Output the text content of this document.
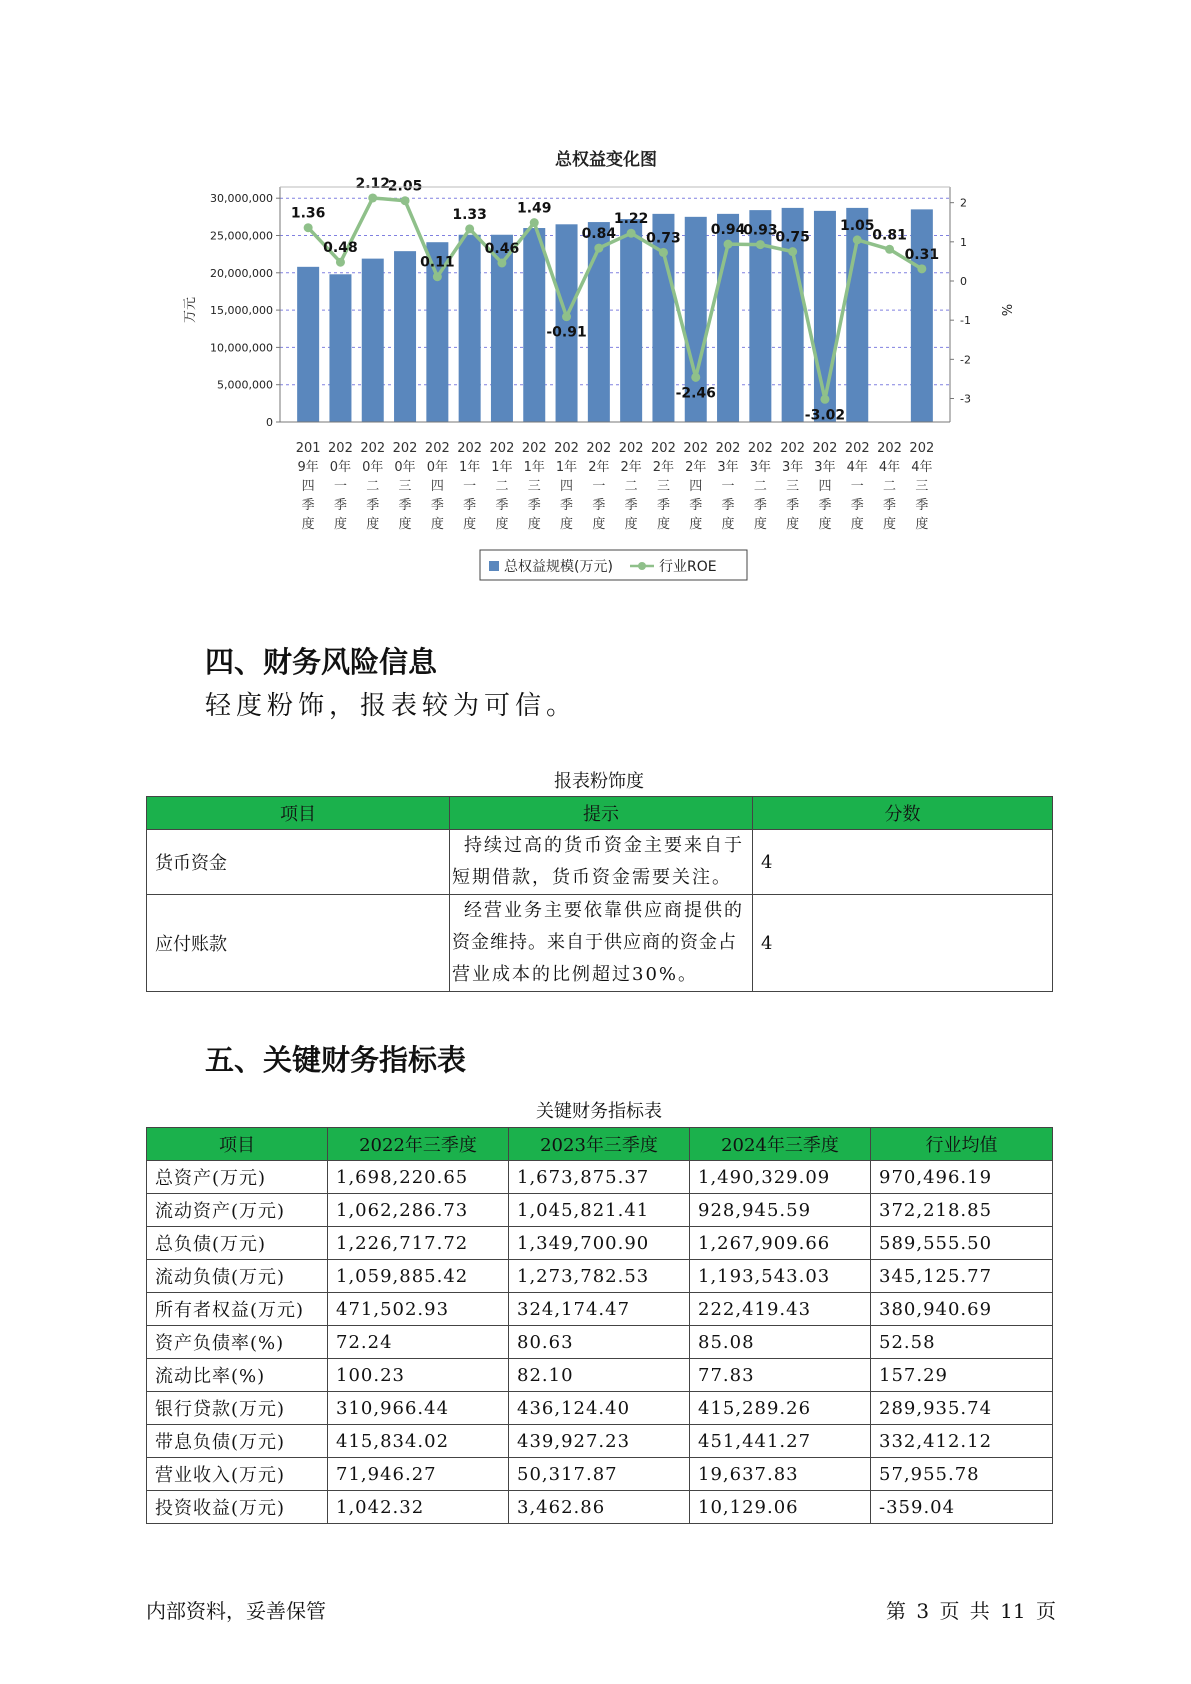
总权益变化图
1.36
0.48
2.12
2.05
0.11
1.33
0.46
1.49
-0.91
0.84
1.22
0.73
-2.46
0.94
0.93
0.75
-3.02
1.05
0.81
0.31
0
5,000,000
10,000,000
15,000,000
20,000,000
25,000,000
30,000,000
-3
-2
-1
0
1
2
万元	%
201
9年
四
季
度
202
0年
一
季
度
202
0年
二
季
度
202
0年
三
季
度
202
0年
四
季
度
202
1年
一
季
度
202
1年
二
季
度
202
1年
三
季
度
202
1年
四
季
度
202
2年
一
季
度
202
2年
二
季
度
202
2年
三
季
度
202
2年
四
季
度
202
3年
一
季
度
202
3年
二
季
度
202
3年
三
季
度
202
3年
四
季
度
202
4年
一
季
度
202
4年
二
季
度
202
4年
三
季
度
总权益规模(万元)	行业ROE
四、财务风险信息
轻度粉饰，报表较为可信。
报表粉饰度
项目	提示	分数
货币资金	持续过高的货币资金主要来自于
短期借款，货币资金需要关注。	4
应付账款	经营业务主要依靠供应商提供的
资金维持。来自于供应商的资金占
营业成本的比例超过30%。	4
五、关键财务指标表
关键财务指标表
项目	2022年三季度	2023年三季度	2024年三季度	行业均值
总资产(万元)	1,698,220.65	1,673,875.37	1,490,329.09	970,496.19
流动资产(万元)	1,062,286.73	1,045,821.41	928,945.59	372,218.85
总负债(万元)	1,226,717.72	1,349,700.90	1,267,909.66	589,555.50
流动负债(万元)	1,059,885.42	1,273,782.53	1,193,543.03	345,125.77
所有者权益(万元)	471,502.93	324,174.47	222,419.43	380,940.69
资产负债率(%)	72.24	80.63	85.08	52.58
流动比率(%)	100.23	82.10	77.83	157.29
银行贷款(万元)	310,966.44	436,124.40	415,289.26	289,935.74
带息负债(万元)	415,834.02	439,927.23	451,441.27	332,412.12
营业收入(万元)	71,946.27	50,317.87	19,637.83	57,955.78
投资收益(万元)	1,042.32	3,462.86	10,129.06	-359.04
内部资料，妥善保管	第 3 页 共 11 页
